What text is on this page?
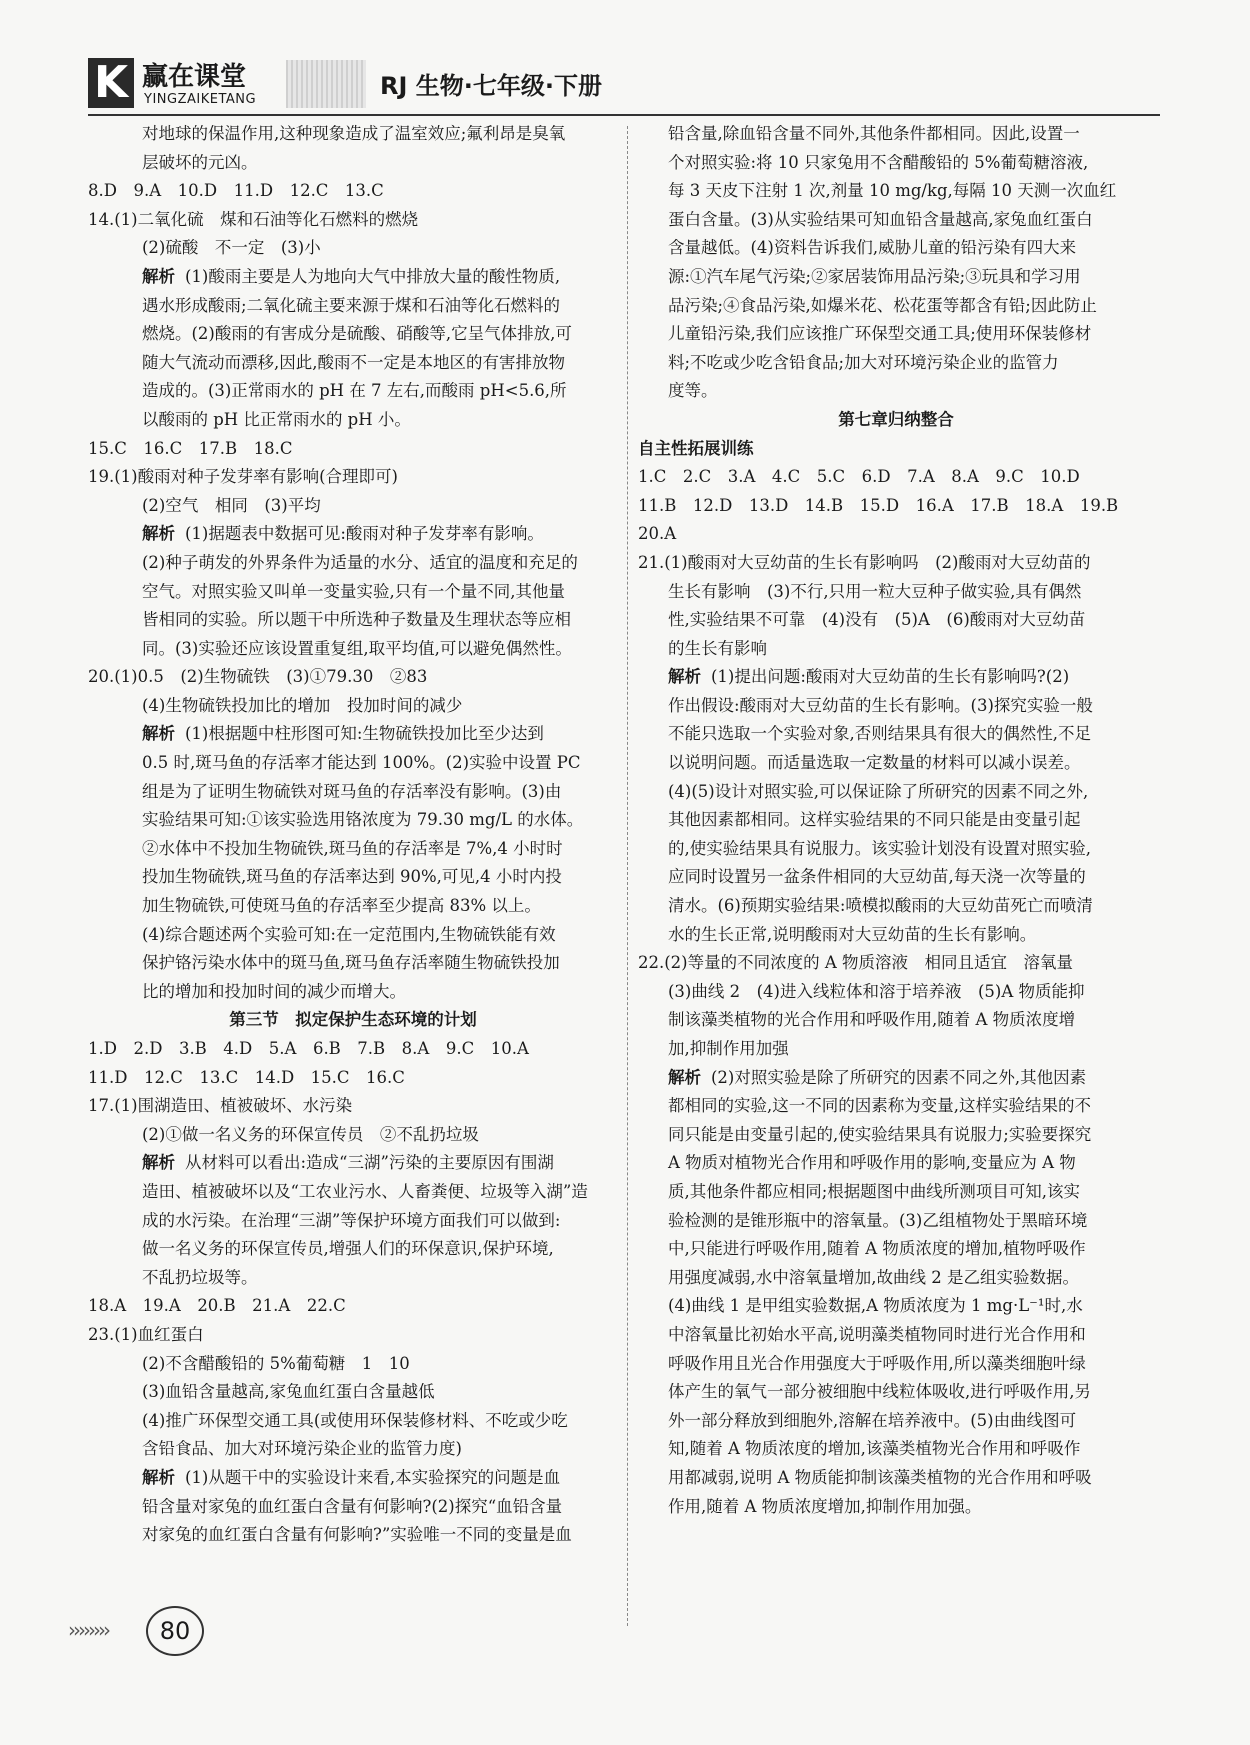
K 赢在课堂
YINGZAIKETANG	RJ 生物·七年级·下册

对地球的保温作用,这种现象造成了温室效应;氟利昂是臭氧

层破坏的元凶。

8.D　9.A　10.D　11.D　12.C　13.C

14.(1)二氧化硫　煤和石油等化石燃料的燃烧

(2)硫酸　不一定　(3)小

解析 (1)酸雨主要是人为地向大气中排放大量的酸性物质,

遇水形成酸雨;二氧化硫主要来源于煤和石油等化石燃料的

燃烧。(2)酸雨的有害成分是硫酸、硝酸等,它呈气体排放,可

随大气流动而漂移,因此,酸雨不一定是本地区的有害排放物

造成的。(3)正常雨水的 pH 在 7 左右,而酸雨 pH<5.6,所

以酸雨的 pH 比正常雨水的 pH 小。

15.C　16.C　17.B　18.C

19.(1)酸雨对种子发芽率有影响(合理即可)

(2)空气　相同　(3)平均

解析 (1)据题表中数据可见:酸雨对种子发芽率有影响。

(2)种子萌发的外界条件为适量的水分、适宜的温度和充足的

空气。对照实验又叫单一变量实验,只有一个量不同,其他量

皆相同的实验。所以题干中所选种子数量及生理状态等应相

同。(3)实验还应该设置重复组,取平均值,可以避免偶然性。

20.(1)0.5　(2)生物硫铁　(3)①79.30　②83

(4)生物硫铁投加比的增加　投加时间的减少

解析 (1)根据题中柱形图可知:生物硫铁投加比至少达到

0.5 时,斑马鱼的存活率才能达到 100%。(2)实验中设置 PC

组是为了证明生物硫铁对斑马鱼的存活率没有影响。(3)由

实验结果可知:①该实验选用铬浓度为 79.30 mg/L 的水体。

②水体中不投加生物硫铁,斑马鱼的存活率是 7%,4 小时时

投加生物硫铁,斑马鱼的存活率达到 90%,可见,4 小时内投

加生物硫铁,可使斑马鱼的存活率至少提高 83% 以上。

(4)综合题述两个实验可知:在一定范围内,生物硫铁能有效

保护铬污染水体中的斑马鱼,斑马鱼存活率随生物硫铁投加

比的增加和投加时间的减少而增大。

第三节　拟定保护生态环境的计划

1.D　2.D　3.B　4.D　5.A　6.B　7.B　8.A　9.C　10.A

11.D　12.C　13.C　14.D　15.C　16.C

17.(1)围湖造田、植被破坏、水污染

(2)①做一名义务的环保宣传员　②不乱扔垃圾

解析 从材料可以看出:造成“三湖”污染的主要原因有围湖

造田、植被破坏以及“工农业污水、人畜粪便、垃圾等入湖”造

成的水污染。在治理“三湖”等保护环境方面我们可以做到:

做一名义务的环保宣传员,增强人们的环保意识,保护环境,

不乱扔垃圾等。

18.A　19.A　20.B　21.A　22.C

23.(1)血红蛋白

(2)不含醋酸铅的 5%葡萄糖　1　10

(3)血铅含量越高,家兔血红蛋白含量越低

(4)推广环保型交通工具(或使用环保装修材料、不吃或少吃

含铅食品、加大对环境污染企业的监管力度)

解析 (1)从题干中的实验设计来看,本实验探究的问题是血

铅含量对家兔的血红蛋白含量有何影响?(2)探究“血铅含量

对家兔的血红蛋白含量有何影响?”实验唯一不同的变量是血

铅含量,除血铅含量不同外,其他条件都相同。因此,设置一

个对照实验:将 10 只家兔用不含醋酸铅的 5%葡萄糖溶液,

每 3 天皮下注射 1 次,剂量 10 mg/kg,每隔 10 天测一次血红

蛋白含量。(3)从实验结果可知血铅含量越高,家兔血红蛋白

含量越低。(4)资料告诉我们,威胁儿童的铅污染有四大来

源:①汽车尾气污染;②家居装饰用品污染;③玩具和学习用

品污染;④食品污染,如爆米花、松花蛋等都含有铅;因此防止

儿童铅污染,我们应该推广环保型交通工具;使用环保装修材

料;不吃或少吃含铅食品;加大对环境污染企业的监管力

度等。

第七章归纳整合

自主性拓展训练

1.C　2.C　3.A　4.C　5.C　6.D　7.A　8.A　9.C　10.D

11.B　12.D　13.D　14.B　15.D　16.A　17.B　18.A　19.B

20.A

21.(1)酸雨对大豆幼苗的生长有影响吗　(2)酸雨对大豆幼苗的

生长有影响　(3)不行,只用一粒大豆种子做实验,具有偶然

性,实验结果不可靠　(4)没有　(5)A　(6)酸雨对大豆幼苗

的生长有影响

解析 (1)提出问题:酸雨对大豆幼苗的生长有影响吗?(2)

作出假设:酸雨对大豆幼苗的生长有影响。(3)探究实验一般

不能只选取一个实验对象,否则结果具有很大的偶然性,不足

以说明问题。而适量选取一定数量的材料可以减小误差。

(4)(5)设计对照实验,可以保证除了所研究的因素不同之外,

其他因素都相同。这样实验结果的不同只能是由变量引起

的,使实验结果具有说服力。该实验计划没有设置对照实验,

应同时设置另一盆条件相同的大豆幼苗,每天浇一次等量的

清水。(6)预期实验结果:喷模拟酸雨的大豆幼苗死亡而喷清

水的生长正常,说明酸雨对大豆幼苗的生长有影响。

22.(2)等量的不同浓度的 A 物质溶液　相同且适宜　溶氧量

(3)曲线 2　(4)进入线粒体和溶于培养液　(5)A 物质能抑

制该藻类植物的光合作用和呼吸作用,随着 A 物质浓度增

加,抑制作用加强

解析 (2)对照实验是除了所研究的因素不同之外,其他因素

都相同的实验,这一不同的因素称为变量,这样实验结果的不

同只能是由变量引起的,使实验结果具有说服力;实验要探究

A 物质对植物光合作用和呼吸作用的影响,变量应为 A 物

质,其他条件都应相同;根据题图中曲线所测项目可知,该实

验检测的是锥形瓶中的溶氧量。(3)乙组植物处于黑暗环境

中,只能进行呼吸作用,随着 A 物质浓度的增加,植物呼吸作

用强度减弱,水中溶氧量增加,故曲线 2 是乙组实验数据。

(4)曲线 1 是甲组实验数据,A 物质浓度为 1 mg·L⁻¹时,水

中溶氧量比初始水平高,说明藻类植物同时进行光合作用和

呼吸作用且光合作用强度大于呼吸作用,所以藻类细胞叶绿

体产生的氧气一部分被细胞中线粒体吸收,进行呼吸作用,另

外一部分释放到细胞外,溶解在培养液中。(5)由曲线图可

知,随着 A 物质浓度的增加,该藻类植物光合作用和呼吸作

用都减弱,说明 A 物质能抑制该藻类植物的光合作用和呼吸

作用,随着 A 物质浓度增加,抑制作用加强。

››››››››	80
